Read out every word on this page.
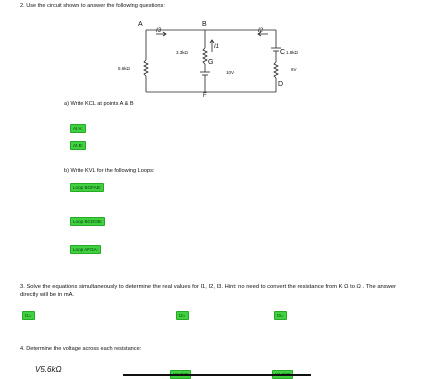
2. Use the circuit shown to answer the following questions:
A	B
F
G
C
D
I3
I1
I2
5.6kΩ
3.3kΩ	1.8kΩ
10V
6V
a) Write KCL at points A & B
At A:
At B:
b) Write KVL for the following Loops:
Loop BGFAB:
Loop BCDGB:
Loop AFGA:
3. Solve the equations simultaneously to determine the real values for I1, I2, I3. Hint: no need to convert the resistance from K Ω to Ω . The answer directly will be in mA.
I1=	I2=	I3=
4. Determine the voltage across each resistance:
V5.6kΩ
